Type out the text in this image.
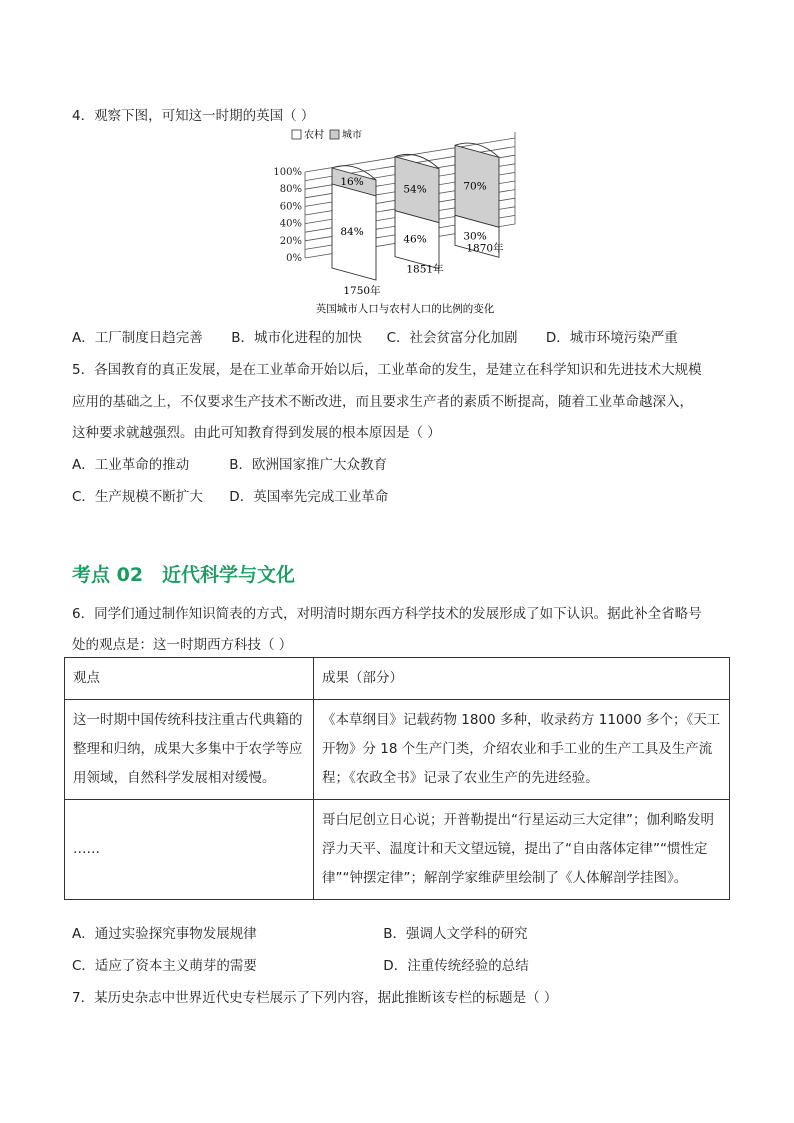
4．观察下图，可知这一时期的英国（ ）
农村 城市
100%
80%
60%
40%
20%
0%
16%
84%
1750年
54%
46%
1851年
70%
30%
1870年
英国城市人口与农村人口的比例的变化
A．工厂制度日趋完善 B．城市化进程的加快 C．社会贫富分化加剧 D．城市环境污染严重
5．各国教育的真正发展，是在工业革命开始以后，工业革命的发生，是建立在科学知识和先进技术大规模
应用的基础之上，不仅要求生产技术不断改进，而且要求生产者的素质不断提高，随着工业革命越深入，
这种要求就越强烈。由此可知教育得到发展的根本原因是（ ）
A．工业革命的推动	B．欧洲国家推广大众教育
C．生产规模不断扩大 D．英国率先完成工业革命
考点 02　近代科学与文化
6．同学们通过制作知识简表的方式，对明清时期东西方科学技术的发展形成了如下认识。据此补全省略号
处的观点是：这一时期西方科技（ ）
观点	成果（部分）
这一时期中国传统科技注重古代典籍的整理和归纳，成果大多集中于农学等应用领域，自然科学发展相对缓慢。	《本草纲目》记载药物 1800 多种，收录药方 11000 多个；《天工开物》分 18 个生产门类，介绍农业和手工业的生产工具及生产流程；《农政全书》记录了农业生产的先进经验。
……	哥白尼创立日心说；开普勒提出“行星运动三大定律”；伽利略发明浮力天平、温度计和天文望远镜，提出了“自由落体定律”“惯性定律”“钟摆定律”；解剖学家维萨里绘制了《人体解剖学挂图》。
A．通过实验探究事物发展规律	B．强调人文学科的研究
C．适应了资本主义萌芽的需要	D．注重传统经验的总结
7．某历史杂志中世界近代史专栏展示了下列内容，据此推断该专栏的标题是（ ）
